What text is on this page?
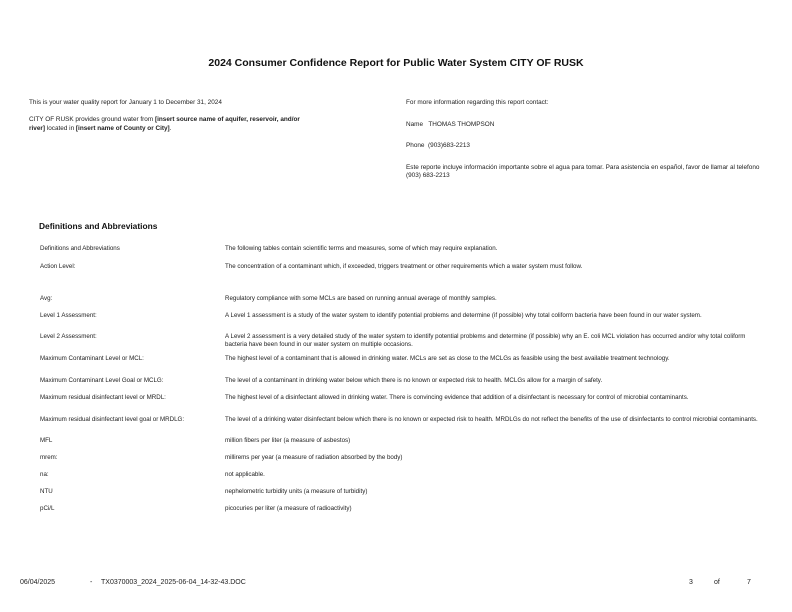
2024 Consumer Confidence Report for Public Water System CITY OF RUSK

This is your water quality report for January 1 to December 31, 2024

CITY OF RUSK provides ground water from [insert source name of aquifer, reservoir, and/or river] located in [insert name of County or City].

For more information regarding this report contact:

Name THOMAS THOMPSON

Phone (903)683-2213

Este reporte incluye información importante sobre el agua para tomar. Para asistencia en español, favor de llamar al telefono (903) 683-2213

Definitions and Abbreviations
Definitions and Abbreviations	The following tables contain scientific terms and measures, some of which may require explanation.
Action Level:	The concentration of a contaminant which, if exceeded, triggers treatment or other requirements which a water system must follow.
Avg:	Regulatory compliance with some MCLs are based on running annual average of monthly samples.
Level 1 Assessment:	A Level 1 assessment is a study of the water system to identify potential problems and determine (if possible) why total coliform bacteria have been found in our water system.
Level 2 Assessment:	A Level 2 assessment is a very detailed study of the water system to identify potential problems and determine (if possible) why an E. coli MCL violation has occurred and/or why total coliform bacteria have been found in our water system on multiple occasions.
Maximum Contaminant Level or MCL:	The highest level of a contaminant that is allowed in drinking water. MCLs are set as close to the MCLGs as feasible using the best available treatment technology.
Maximum Contaminant Level Goal or MCLG:	The level of a contaminant in drinking water below which there is no known or expected risk to health. MCLGs allow for a margin of safety.
Maximum residual disinfectant level or MRDL:	The highest level of a disinfectant allowed in drinking water. There is convincing evidence that addition of a disinfectant is necessary for control of microbial contaminants.
Maximum residual disinfectant level goal or MRDLG:	The level of a drinking water disinfectant below which there is no known or expected risk to health. MRDLGs do not reflect the benefits of the use of disinfectants to control microbial contaminants.
MFL	million fibers per liter (a measure of asbestos)
mrem:	millirems per year (a measure of radiation absorbed by the body)
na:	not applicable.
NTU	nephelometric turbidity units (a measure of turbidity)
pCi/L	picocuries per liter (a measure of radioactivity)
06/04/2025	- TX0370003_2024_2025-06-04_14-32-43.DOC	3	of	7
